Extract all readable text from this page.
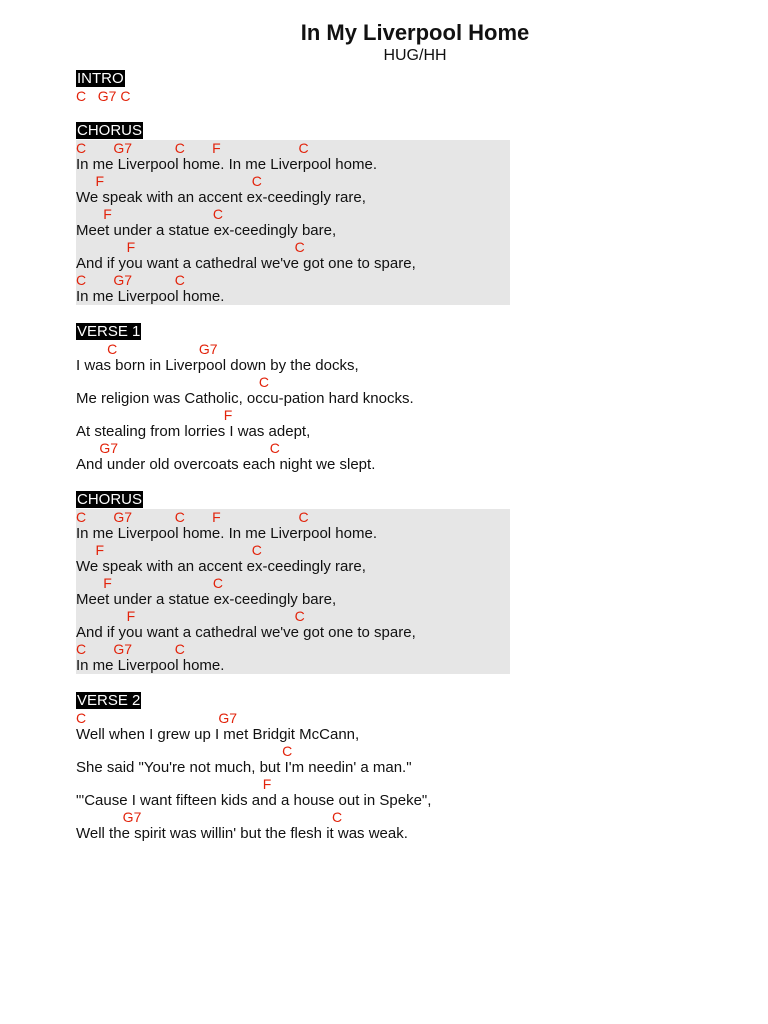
In My Liverpool Home
HUG/HH
INTRO
C   G7 C
CHORUS
C       G7           C       F                    C
In me Liverpool home. In me Liverpool home.
F                                      C
We speak with an accent ex-ceedingly rare,
F                          C
Meet under a statue ex-ceedingly bare,
F                                         C
And if you want a cathedral we've got one to spare,
C       G7           C
In me Liverpool home.
VERSE 1
C                     G7
I was born in Liverpool down by the docks,
C
Me religion was Catholic, occu-pation hard knocks.
F
At stealing from lorries I was adept,
G7                                       C
And under old overcoats each night we slept.
CHORUS
C       G7           C       F                    C
In me Liverpool home. In me Liverpool home.
F                                      C
We speak with an accent ex-ceedingly rare,
F                          C
Meet under a statue ex-ceedingly bare,
F                                         C
And if you want a cathedral we've got one to spare,
C       G7           C
In me Liverpool home.
VERSE 2
C                                  G7
Well when I grew up I met Bridgit McCann,
C
She said "You're not much, but I'm needin' a man."
F
"'Cause I want fifteen kids and a house out in Speke",
G7                                                 C
Well the spirit was willin' but the flesh it was weak.
